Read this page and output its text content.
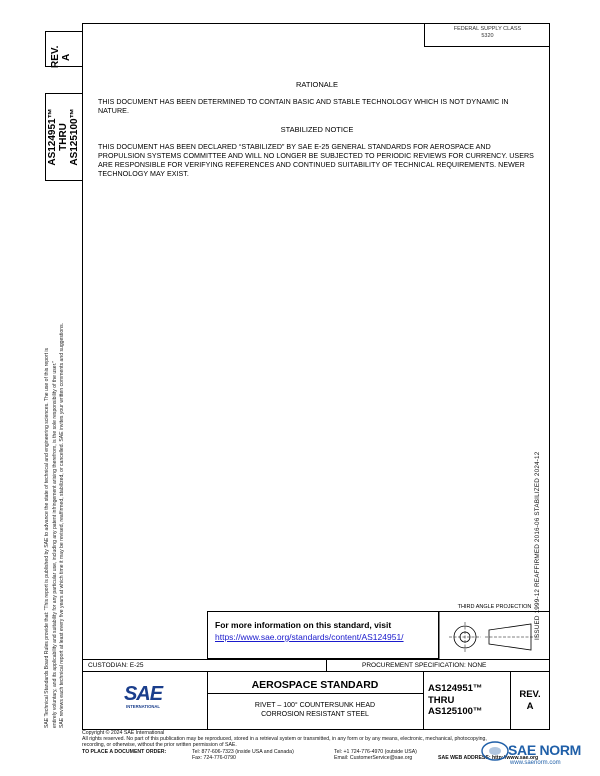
FEDERAL SUPPLY CLASS
5320
REV. A
AS124951™ THRU AS125100™
SAE Technical Standards Board Rules provide that: “This report is published by SAE to advance the state of technical and engineering sciences. The use of this report is entirely voluntary, and its applicability and suitability for any particular use, including any patent infringement arising therefrom, is the sole responsibility of the user.” SAE reviews each technical report at least every five years at which time it may be revised, reaffirmed, stabilized, or cancelled. SAE invites your written comments and suggestions.	ISSUED 1999-12 REAFFIRMED 2016-06 STABILIZED 2024-12
RATIONALE
THIS DOCUMENT HAS BEEN DETERMINED TO CONTAIN BASIC AND STABLE TECHNOLOGY WHICH IS NOT DYNAMIC IN NATURE.
STABILIZED NOTICE
THIS DOCUMENT HAS BEEN DECLARED “STABILIZED” BY SAE E-25 GENERAL STANDARDS FOR AEROSPACE AND PROPULSION SYSTEMS COMMITTEE AND WILL NO LONGER BE SUBJECTED TO PERIODIC REVIEWS FOR CURRENCY. USERS ARE RESPONSIBLE FOR VERIFYING REFERENCES AND CONTINUED SUITABILITY OF TECHNICAL REQUIREMENTS. NEWER TECHNOLOGY MAY EXIST.
For more information on this standard, visit
https://www.sae.org/standards/content/AS124951/
THIRD ANGLE PROJECTION
CUSTODIAN: E-25	PROCUREMENT SPECIFICATION: NONE
SAE
INTERNATIONAL
AEROSPACE STANDARD
RIVET – 100° COUNTERSUNK HEAD
CORROSION RESISTANT STEEL
AS124951™
THRU
AS125100™
REV.
A
Copyright © 2024 SAE International
All rights reserved. No part of this publication may be reproduced, stored in a retrieval system or transmitted, in any form or by any means, electronic, mechanical, photocopying,
recording, or otherwise, without the prior written permission of SAE.
TO PLACE A DOCUMENT ORDER:	Tel: 877-606-7323 (inside USA and Canada)
Fax: 724-776-0790
Tel: +1 724-776-4970 (outside USA)
Email: CustomerService@sae.org	SAE WEB ADDRESS: http://www.sae.org
SAE NORM
www.saenorm.com
